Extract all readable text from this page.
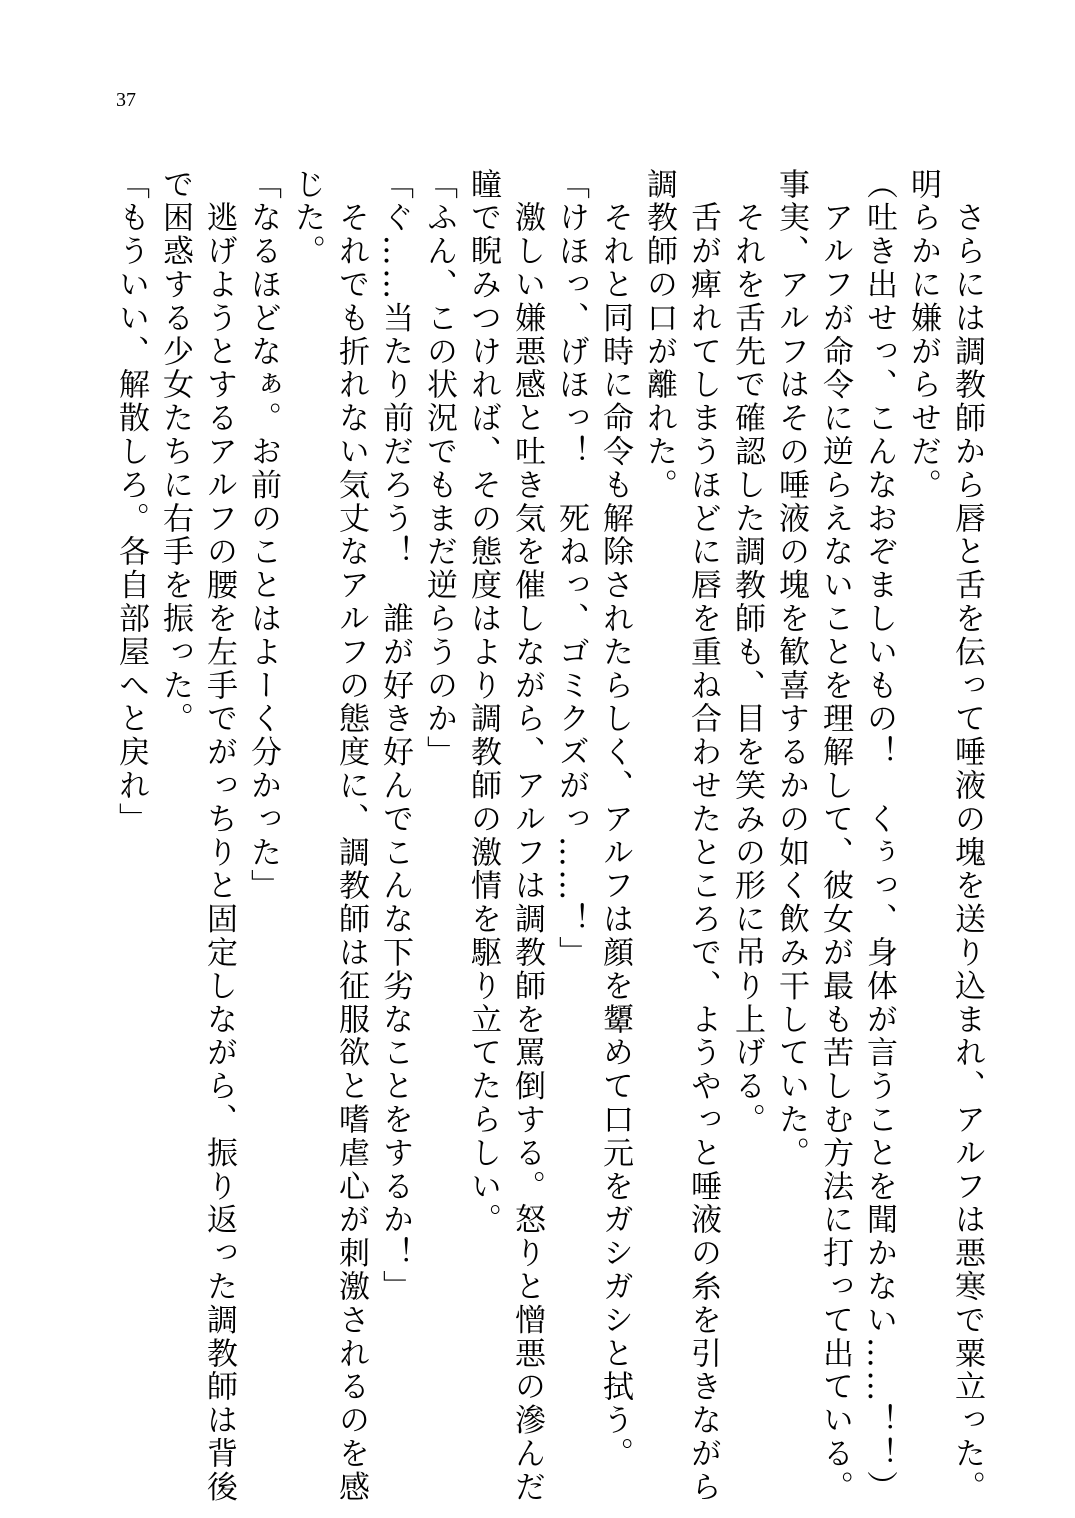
37
　さらには調教師から唇と舌を伝って唾液の塊を送り込まれ、アルフは悪寒で粟立った。
明らかに嫌がらせだ。
（吐き出せっ、こんなおぞましいもの！　くぅっ、身体が言うことを聞かない……！！）
　アルフが命令に逆らえないことを理解して、彼女が最も苦しむ方法に打って出ている。
事実、アルフはその唾液の塊を歓喜するかの如く飲み干していた。
　それを舌先で確認した調教師も、目を笑みの形に吊り上げる。
　舌が痺れてしまうほどに唇を重ね合わせたところで、ようやっと唾液の糸を引きながら
調教師の口が離れた。
　それと同時に命令も解除されたらしく、アルフは顔を顰めて口元をガシガシと拭う。
「けほっ、げほっ！　死ねっ、ゴミクズがっ……！」
　激しい嫌悪感と吐き気を催しながら、アルフは調教師を罵倒する。怒りと憎悪の滲んだ
瞳で睨みつければ、その態度はより調教師の激情を駆り立てたらしい。
「ふん、この状況でもまだ逆らうのか」
「ぐ……当たり前だろう！　誰が好き好んでこんな下劣なことをするか！」
　それでも折れない気丈なアルフの態度に、調教師は征服欲と嗜虐心が刺激されるのを感
じた。
「なるほどなぁ。お前のことはよーく分かった」
　逃げようとするアルフの腰を左手でがっちりと固定しながら、振り返った調教師は背後
で困惑する少女たちに右手を振った。
「もういい、解散しろ。各自部屋へと戻れ」
